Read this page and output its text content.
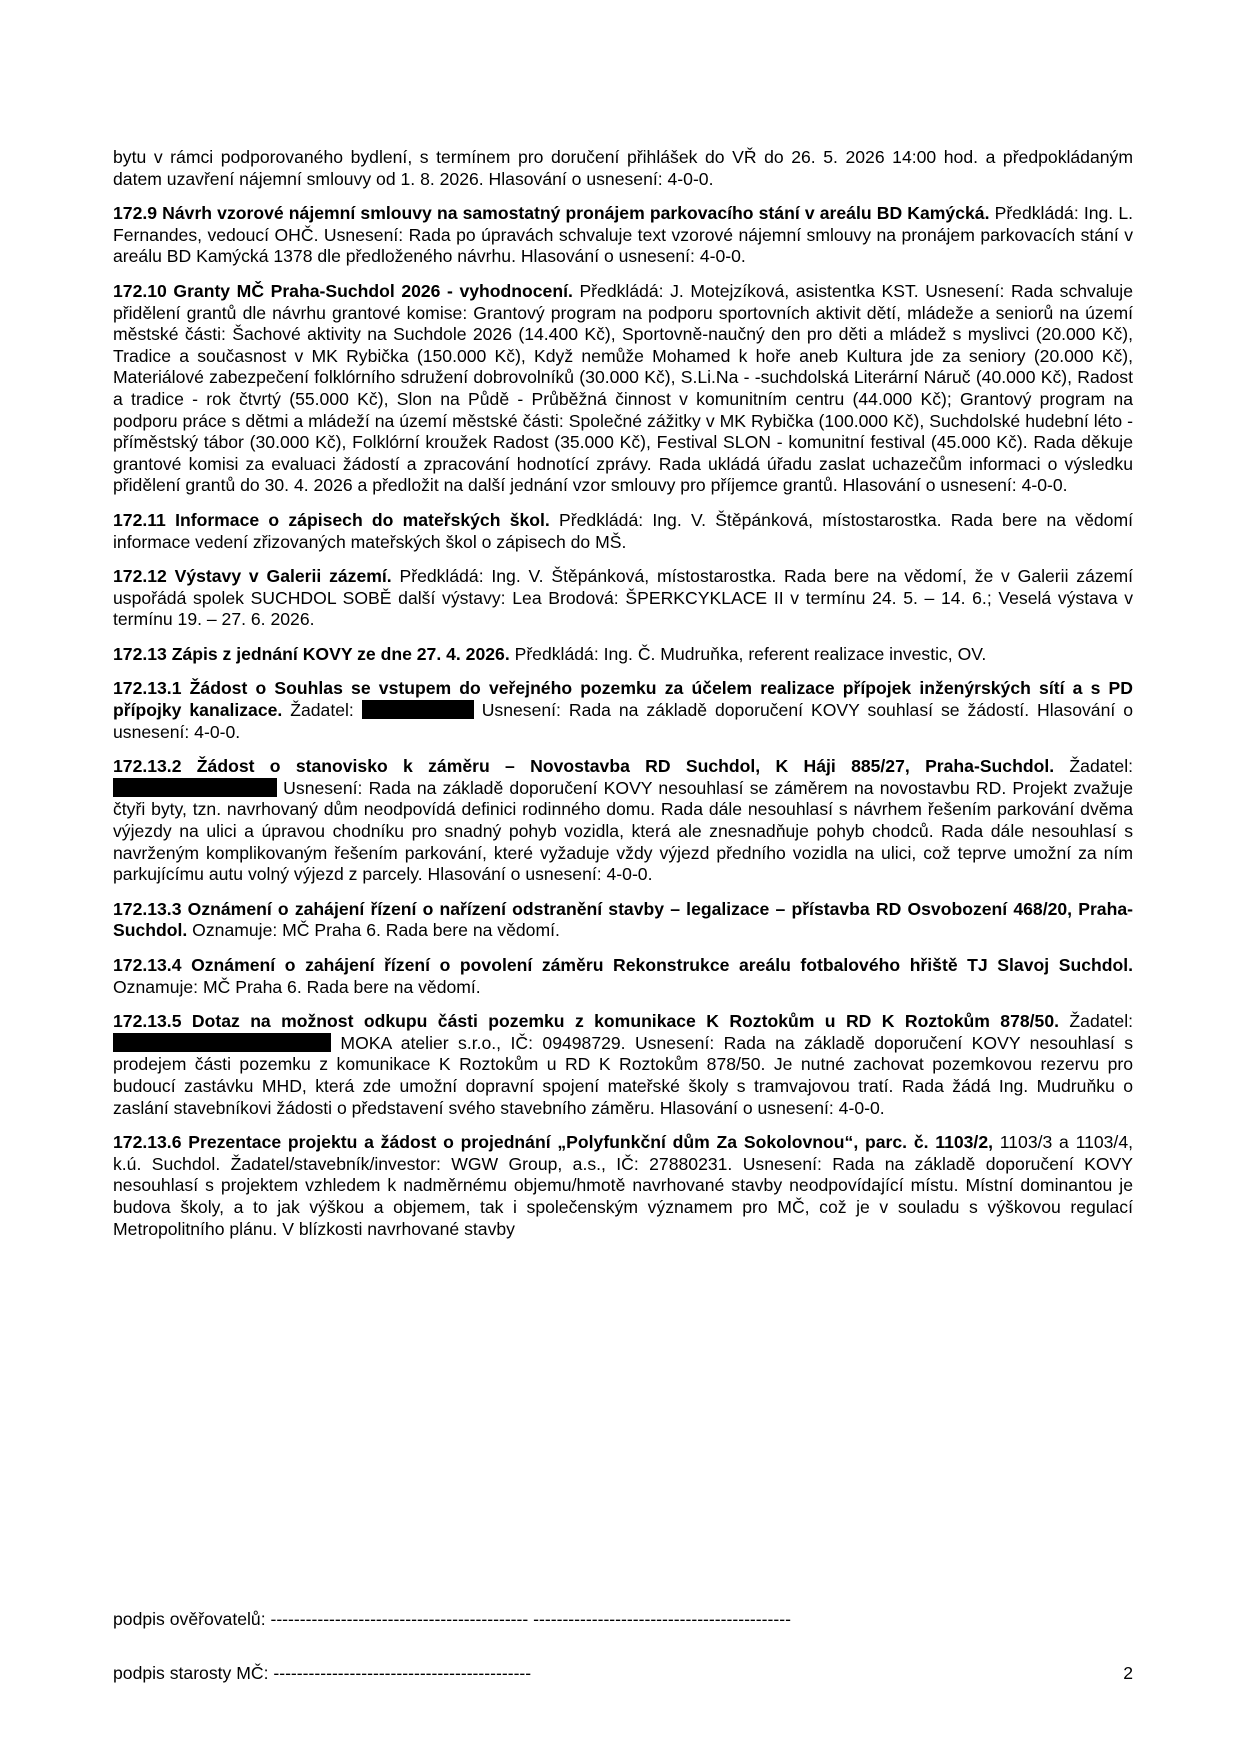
bytu v rámci podporovaného bydlení, s termínem pro doručení přihlášek do VŘ do 26. 5. 2026 14:00 hod. a předpokládaným datem uzavření nájemní smlouvy od 1. 8. 2026. Hlasování o usnesení: 4-0-0.

172.9 Návrh vzorové nájemní smlouvy na samostatný pronájem parkovacího stání v areálu BD Kamýcká. Předkládá: Ing. L. Fernandes, vedoucí OHČ. Usnesení: Rada po úpravách schvaluje text vzorové nájemní smlouvy na pronájem parkovacích stání v areálu BD Kamýcká 1378 dle předloženého návrhu. Hlasování o usnesení: 4-0-0.

172.10 Granty MČ Praha-Suchdol 2026 - vyhodnocení. Předkládá: J. Motejzíková, asistentka KST. Usnesení: Rada schvaluje přidělení grantů dle návrhu grantové komise: Grantový program na podporu sportovních aktivit dětí, mládeže a seniorů na území městské části: Šachové aktivity na Suchdole 2026 (14.400 Kč), Sportovně-naučný den pro děti a mládež s myslivci (20.000 Kč), Tradice a současnost v MK Rybička (150.000 Kč), Když nemůže Mohamed k hoře aneb Kultura jde za seniory (20.000 Kč), Materiálové zabezpečení folklórního sdružení dobrovolníků (30.000 Kč), S.Li.Na - -suchdolská Literární Náruč (40.000 Kč), Radost a tradice - rok čtvrtý (55.000 Kč), Slon na Půdě - Průběžná činnost v komunitním centru (44.000 Kč); Grantový program na podporu práce s dětmi a mládeží na území městské části: Společné zážitky v MK Rybička (100.000 Kč), Suchdolské hudební léto - příměstský tábor (30.000 Kč), Folklórní kroužek Radost (35.000 Kč), Festival SLON - komunitní festival (45.000 Kč). Rada děkuje grantové komisi za evaluaci žádostí a zpracování hodnotící zprávy. Rada ukládá úřadu zaslat uchazečům informaci o výsledku přidělení grantů do 30. 4. 2026 a předložit na další jednání vzor smlouvy pro příjemce grantů. Hlasování o usnesení: 4-0-0.

172.11 Informace o zápisech do mateřských škol. Předkládá: Ing. V. Štěpánková, místostarostka. Rada bere na vědomí informace vedení zřizovaných mateřských škol o zápisech do MŠ.

172.12 Výstavy v Galerii zázemí. Předkládá: Ing. V. Štěpánková, místostarostka. Rada bere na vědomí, že v Galerii zázemí uspořádá spolek SUCHDOL SOBĚ další výstavy: Lea Brodová: ŠPERKCYKLACE II v termínu 24. 5. – 14. 6.; Veselá výstava v termínu 19. – 27. 6. 2026.

172.13 Zápis z jednání KOVY ze dne 27. 4. 2026. Předkládá: Ing. Č. Mudruňka, referent realizace investic, OV.

172.13.1 Žádost o Souhlas se vstupem do veřejného pozemku za účelem realizace přípojek inženýrských sítí a s PD přípojky kanalizace. Žadatel:	Usnesení: Rada na základě doporučení KOVY souhlasí se žádostí. Hlasování o usnesení: 4-0-0.

172.13.2 Žádost o stanovisko k záměru – Novostavba RD Suchdol, K Háji 885/27, Praha-Suchdol. Žadatel:  Usnesení: Rada na základě doporučení KOVY nesouhlasí se záměrem na novostavbu RD. Projekt zvažuje čtyři byty, tzn. navrhovaný dům neodpovídá definici rodinného domu. Rada dále nesouhlasí s návrhem řešením parkování dvěma výjezdy na ulici a úpravou chodníku pro snadný pohyb vozidla, která ale znesnadňuje pohyb chodců. Rada dále nesouhlasí s navrženým komplikovaným řešením parkování, které vyžaduje vždy výjezd předního vozidla na ulici, což teprve umožní za ním parkujícímu autu volný výjezd z parcely. Hlasování o usnesení: 4-0-0.

172.13.3 Oznámení o zahájení řízení o nařízení odstranění stavby – legalizace – přístavba RD Osvobození 468/20, Praha-Suchdol. Oznamuje: MČ Praha 6. Rada bere na vědomí.

172.13.4 Oznámení o zahájení řízení o povolení záměru Rekonstrukce areálu fotbalového hřiště TJ Slavoj Suchdol. Oznamuje: MČ Praha 6. Rada bere na vědomí.

172.13.5 Dotaz na možnost odkupu části pozemku z komunikace K Roztokům u RD K Roztokům 878/50. Žadatel:  MOKA atelier s.r.o., IČ: 09498729. Usnesení: Rada na základě doporučení KOVY nesouhlasí s prodejem části pozemku z komunikace K Roztokům u RD K Roztokům 878/50. Je nutné zachovat pozemkovou rezervu pro budoucí zastávku MHD, která zde umožní dopravní spojení mateřské školy s tramvajovou tratí. Rada žádá Ing. Mudruňku o zaslání stavebníkovi žádosti o představení svého stavebního záměru. Hlasování o usnesení: 4-0-0.

172.13.6 Prezentace projektu a žádost o projednání „Polyfunkční dům Za Sokolovnou“, parc. č. 1103/2, 1103/3 a 1103/4, k.ú. Suchdol. Žadatel/stavebník/investor: WGW Group, a.s., IČ: 27880231. Usnesení: Rada na základě doporučení KOVY nesouhlasí s projektem vzhledem k nadměrnému objemu/hmotě navrhované stavby neodpovídající místu. Místní dominantou je budova školy, a to jak výškou a objemem, tak i společenským významem pro MČ, což je v souladu s výškovou regulací Metropolitního plánu. V blízkosti navrhované stavby

podpis ověřovatelů: -------------------------------------------- --------------------------------------------
podpis starosty MČ: --------------------------------------------	2
